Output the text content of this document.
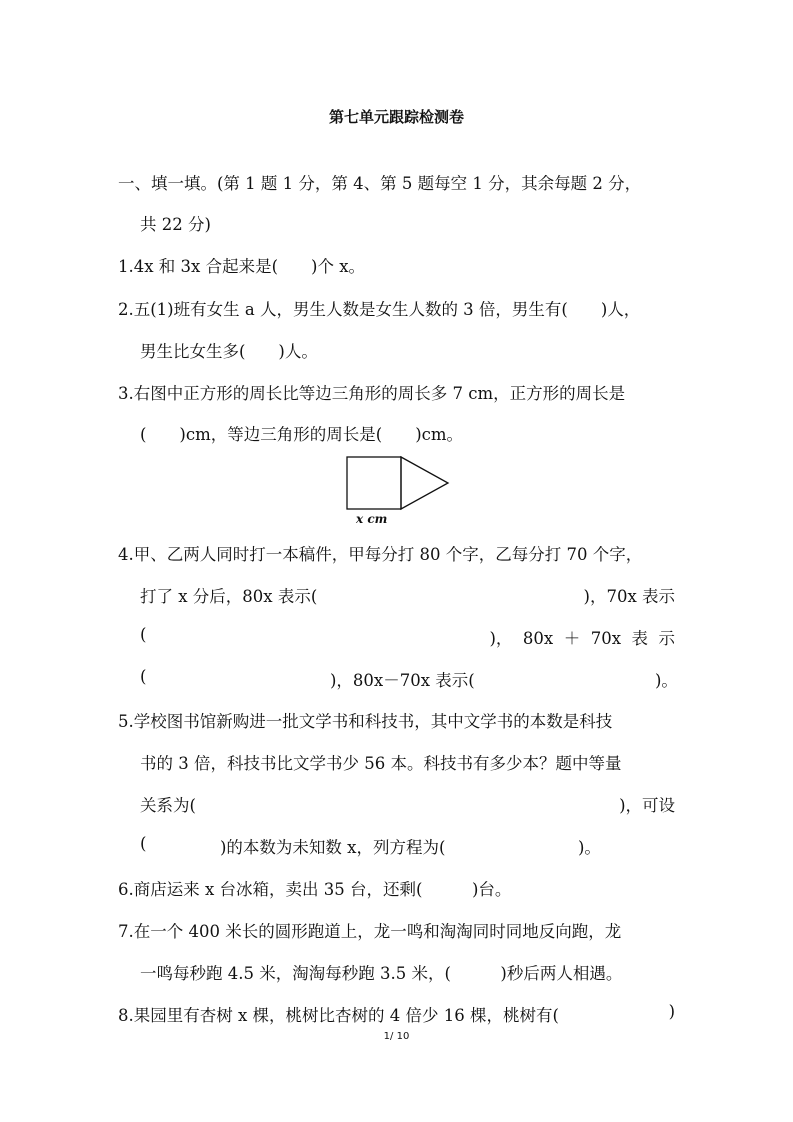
第七单元跟踪检测卷
一、填一填。(第 1 题 1 分，第 4、第 5 题每空 1 分，其余每题 2 分，
共 22 分)
1.4x 和 3x 合起来是(　　)个 x。
2.五(1)班有女生 a 人，男生人数是女生人数的 3 倍，男生有(　　)人，
男生比女生多(　　)人。
3.右图中正方形的周长比等边三角形的周长多 7 cm，正方形的周长是
(　　)cm，等边三角形的周长是(　　)cm。
x cm
4.甲、乙两人同时打一本稿件，甲每分打 80 个字，乙每分打 70 个字，
打了 x 分后，80x 表示(	)，70x 表示
(	)，  80x  ＋  70x  表  示
(	)，80x－70x 表示(	)。
5.学校图书馆新购进一批文学书和科技书，其中文学书的本数是科技
书的 3 倍，科技书比文学书少 56 本。科技书有多少本？题中等量
关系为(	)，可设
(	)的本数为未知数 x，列方程为(	)。
6.商店运来 x 台冰箱，卖出 35 台，还剩(　　　)台。
7.在一个 400 米长的圆形跑道上，龙一鸣和淘淘同时同地反向跑，龙
一鸣每秒跑 4.5 米，淘淘每秒跑 3.5 米，(　　　)秒后两人相遇。
8.果园里有杏树 x 棵，桃树比杏树的 4 倍少 16 棵，桃树有(	)
1/ 10
